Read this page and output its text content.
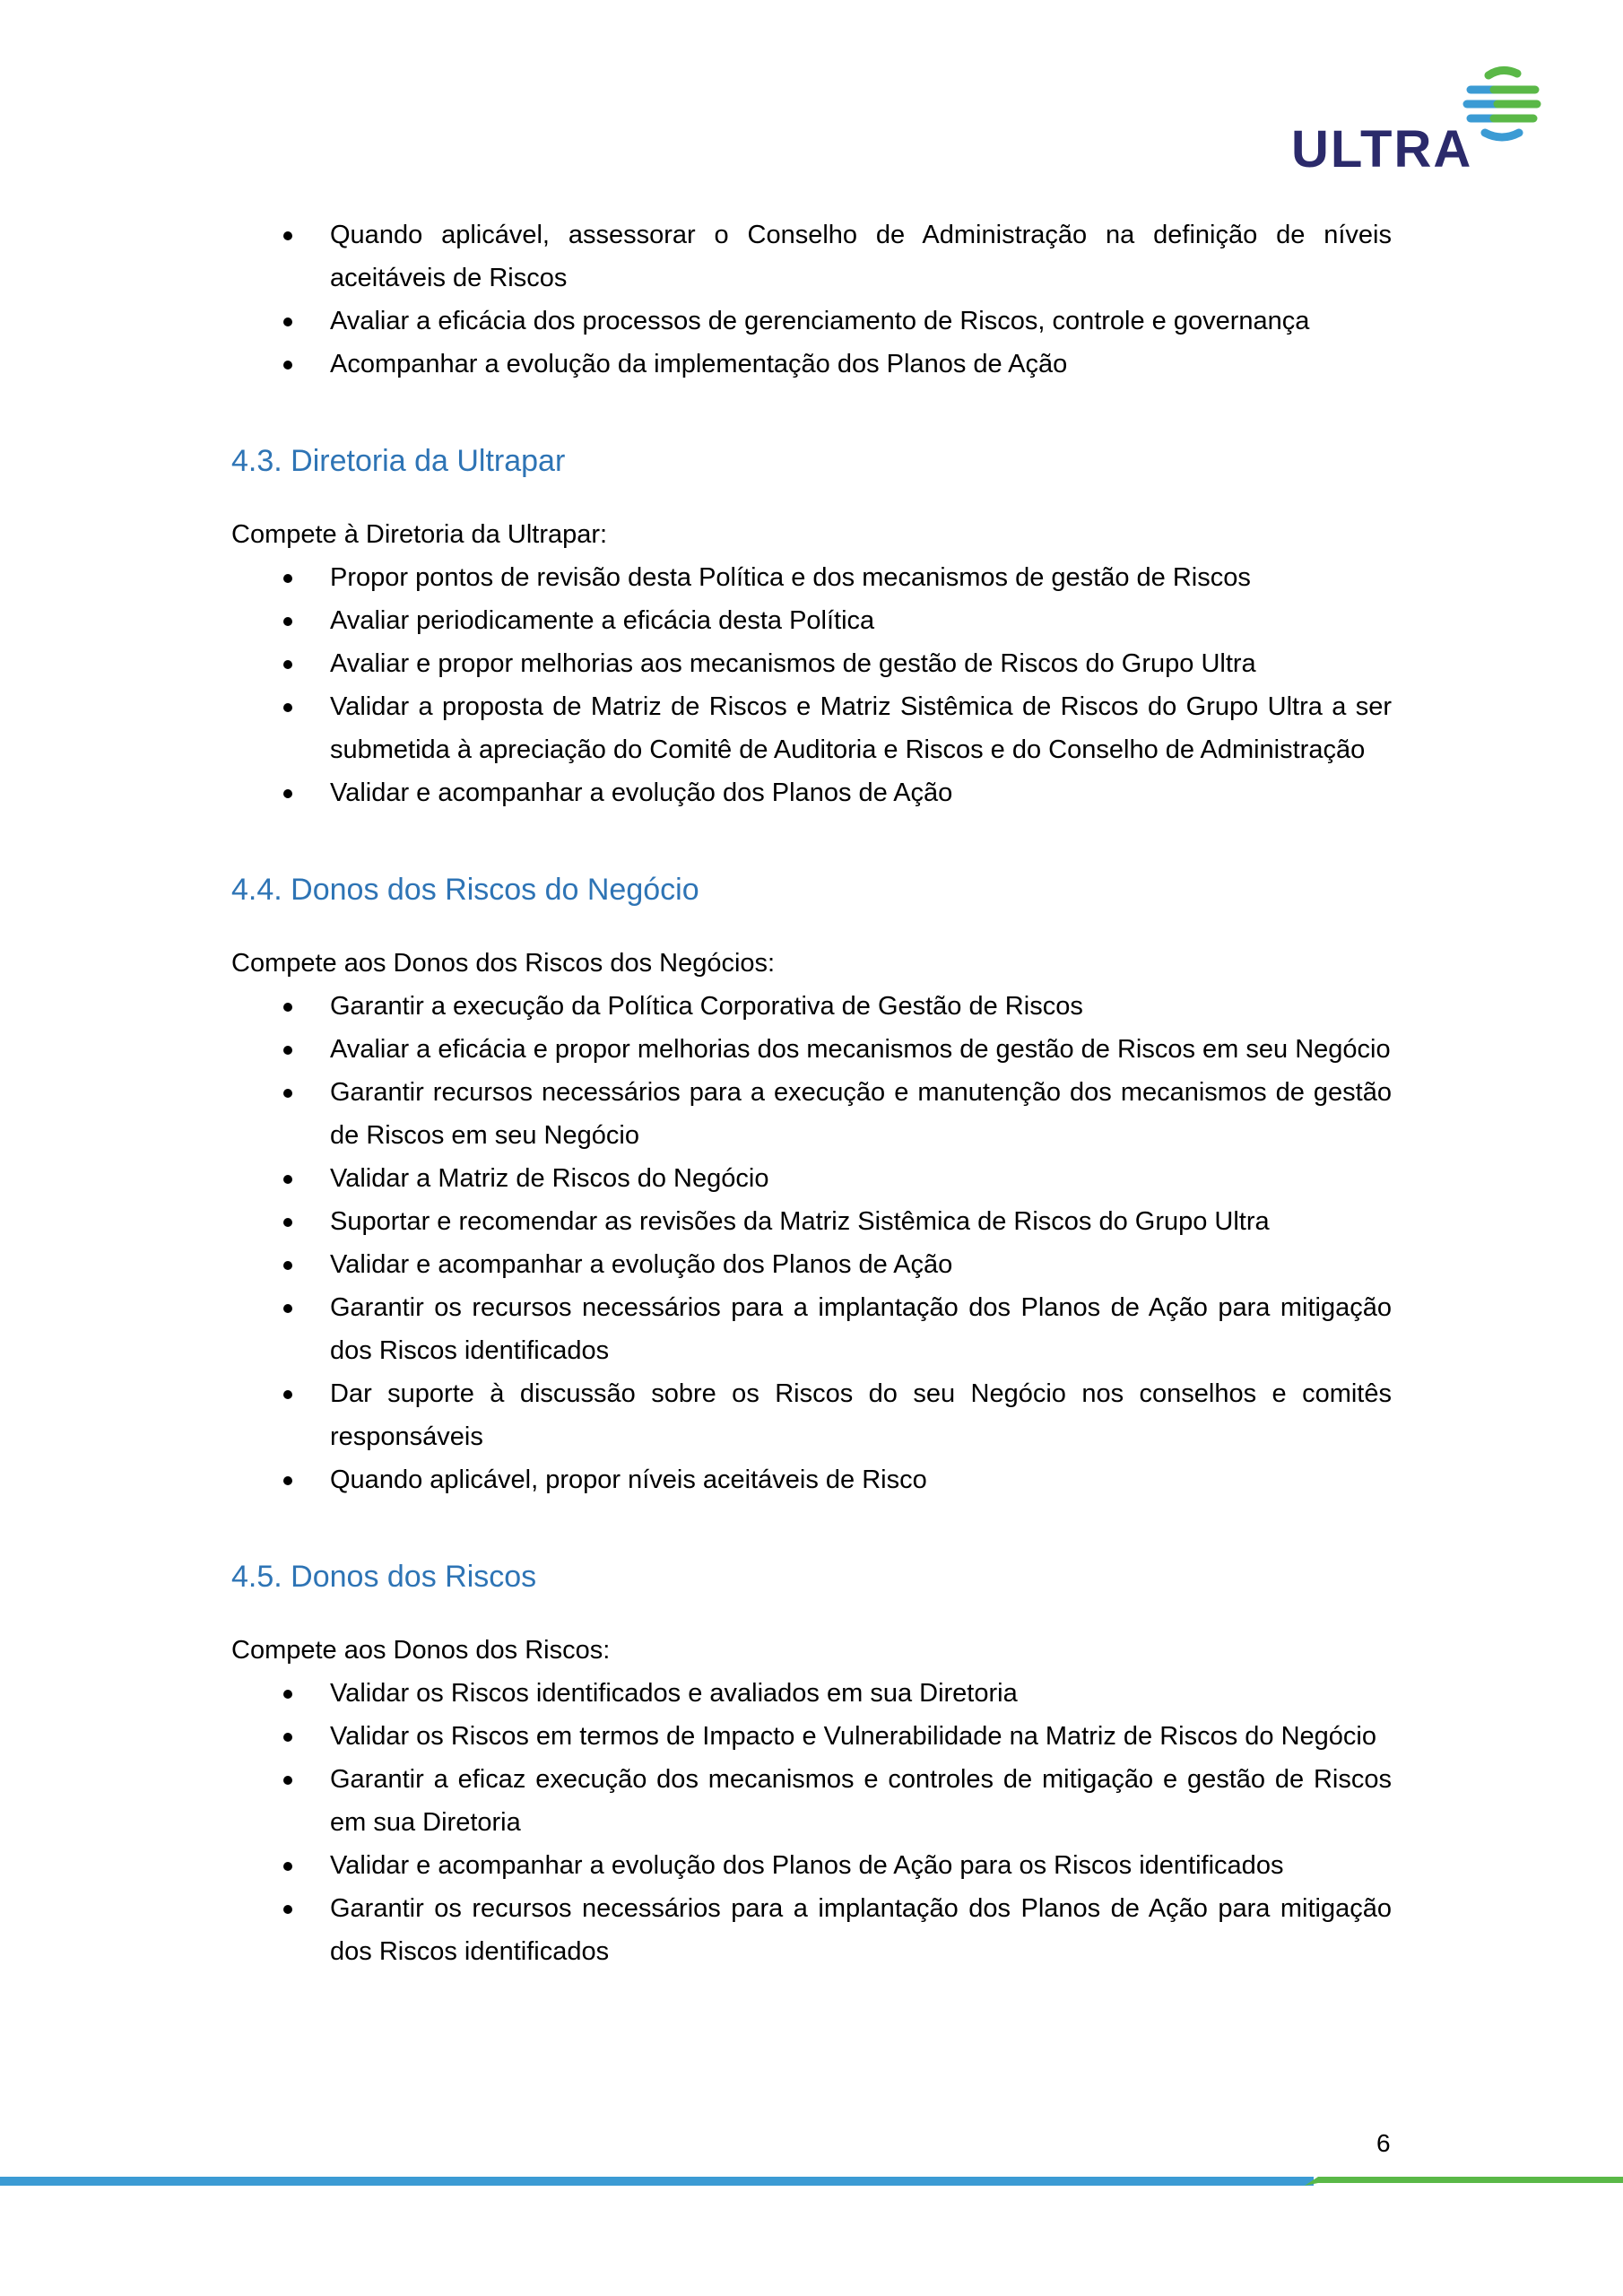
ULTRA
Quando aplicável, assessorar o Conselho de Administração na definição de níveis aceitáveis de Riscos
Avaliar a eficácia dos processos de gerenciamento de Riscos, controle e governança
Acompanhar a evolução da implementação dos Planos de Ação
4.3. Diretoria da Ultrapar

Compete à Diretoria da Ultrapar:

Propor pontos de revisão desta Política e dos mecanismos de gestão de Riscos
Avaliar periodicamente a eficácia desta Política
Avaliar e propor melhorias aos mecanismos de gestão de Riscos do Grupo Ultra
Validar a proposta de Matriz de Riscos e Matriz Sistêmica de Riscos do Grupo Ultra a ser submetida à apreciação do Comitê de Auditoria e Riscos e do Conselho de Administração
Validar e acompanhar a evolução dos Planos de Ação
4.4. Donos dos Riscos do Negócio

Compete aos Donos dos Riscos dos Negócios:

Garantir a execução da Política Corporativa de Gestão de Riscos
Avaliar a eficácia e propor melhorias dos mecanismos de gestão de Riscos em seu Negócio
Garantir recursos necessários para a execução e manutenção dos mecanismos de gestão de Riscos em seu Negócio
Validar a Matriz de Riscos do Negócio
Suportar e recomendar as revisões da Matriz Sistêmica de Riscos do Grupo Ultra
Validar e acompanhar a evolução dos Planos de Ação
Garantir os recursos necessários para a implantação dos Planos de Ação para mitigação dos Riscos identificados
Dar suporte à discussão sobre os Riscos do seu Negócio nos conselhos e comitês responsáveis
Quando aplicável, propor níveis aceitáveis de Risco
4.5. Donos dos Riscos

Compete aos Donos dos Riscos:

Validar os Riscos identificados e avaliados em sua Diretoria
Validar os Riscos em termos de Impacto e Vulnerabilidade na Matriz de Riscos do Negócio
Garantir a eficaz execução dos mecanismos e controles de mitigação e gestão de Riscos em sua Diretoria
Validar e acompanhar a evolução dos Planos de Ação para os Riscos identificados
Garantir os recursos necessários para a implantação dos Planos de Ação para mitigação dos Riscos identificados
6
